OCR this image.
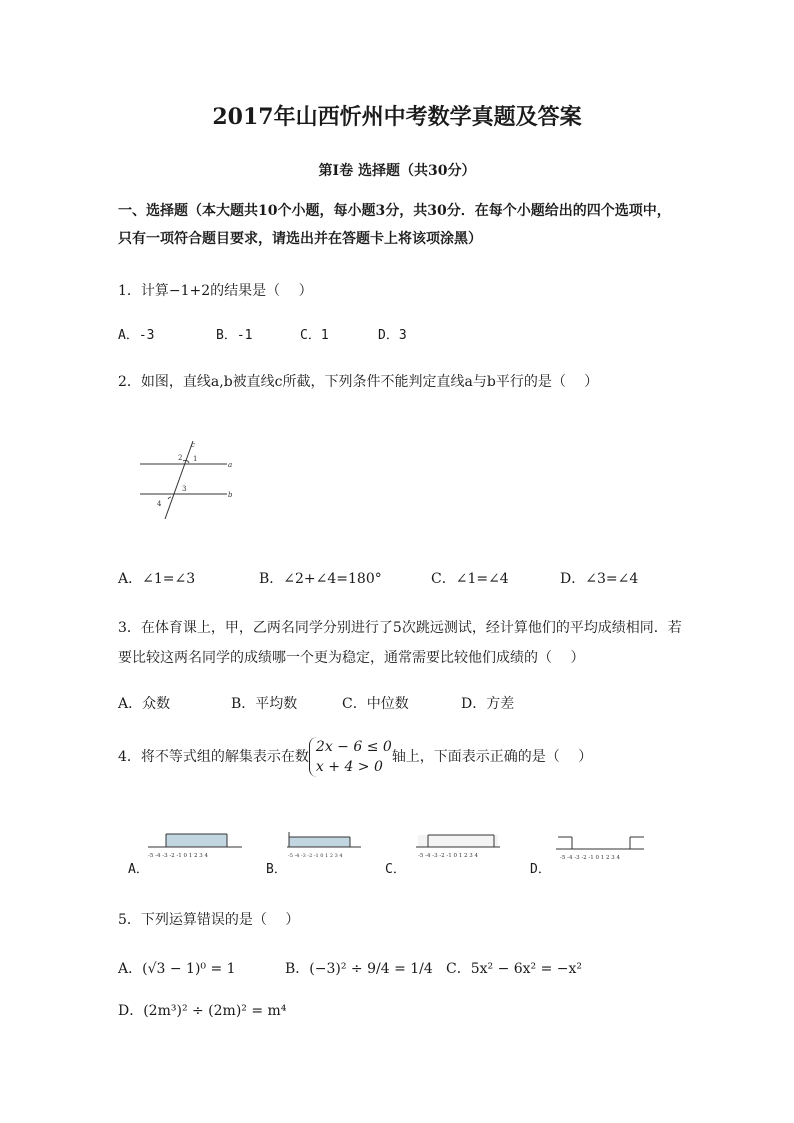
2017年山西忻州中考数学真题及答案
第Ⅰ卷 选择题（共30分）
一、选择题（本大题共10个小题，每小题3分，共30分．在每个小题给出的四个选项中，只有一项符合题目要求，请选出并在答题卡上将该项涂黑）
1．计算−1+2的结果是（　 ）
A．-3	B．-1	C．1	D．3
2．如图，直线a,b被直线c所截，下列条件不能判定直线a与b平行的是（　 ）
c
a
b
1
2
3
4
A．∠1=∠3	B．∠2+∠4=180°	C．∠1=∠4	D．∠3=∠4
3．在体育课上，甲，乙两名同学分别进行了5次跳远测试，经计算他们的平均成绩相同．若
要比较这两名同学的成绩哪一个更为稳定，通常需要比较他们成绩的（　 ）
A．众数	B．平均数	C．中位数	D．方差
4．将不等式组的解集表示在数2x − 6 ≤ 0
x + 4 > 0轴上，下面表示正确的是（　 ）
-5 -4 -3 -2 -1 0 1 2 3 4
A．
-5 -4 -3 -2 -1 0 1 2 3 4
B．
-5 -4 -3 -2 -1 0 1 2 3 4
C．
-5 -4 -3 -2 -1 0 1 2 3 4
D．
5．下列运算错误的是（　 ）
A．(√3 − 1)⁰ = 1	B．(−3)² ÷ 9/4 = 1/4 C．5x² − 6x² = −x²
D．(2m³)² ÷ (2m)² = m⁴
